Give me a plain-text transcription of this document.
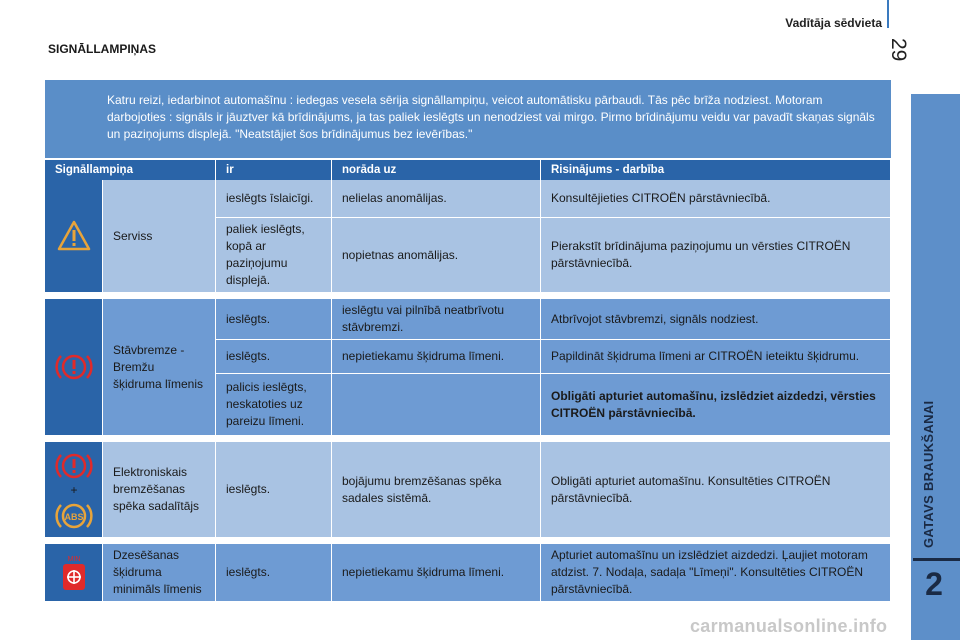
Vadītāja sēdvieta
29
GATAVS BRAUKŠANAI
2
SIGNĀLLAMPIŅAS

Katru reizi, iedarbinot automašīnu : iedegas vesela sērija signāllampiņu, veicot automātisku pārbaudi. Tās pēc brīža nodziest. Motoram darbojoties : signāls ir jāuztver kā brīdinājums, ja tas paliek ieslēgts un nenodziest vai mirgo. Pirmo brīdinājumu veidu var pavadīt skaņas signāls un paziņojums displejā. "Neatstājiet šos brīdinājumus bez ievērības."

Signāllampiņa		ir	norāda uz	Risinājums - darbība
	Serviss	ieslēgts īslaicīgi.	nelielas anomālijas.	Konsultējieties CITROËN pārstāvniecībā.
		paliek ieslēgts, kopā ar paziņojumu displejā.	nopietnas anomālijas.	Pierakstīt brīdinājuma paziņojumu un vērsties CITROËN pārstāvniecībā.

	Stāvbremze - Bremžu šķidruma līmenis	ieslēgts.	ieslēgtu vai pilnībā neatbrīvotu stāvbremzi.	Atbrīvojot stāvbremzi, signāls nodziest.
		ieslēgts.	nepietiekamu šķidruma līmeni.	Papildināt šķidruma līmeni ar CITROËN ieteiktu šķidrumu.
		palicis ieslēgts, neskatoties uz pareizu līmeni.		Obligāti apturiet automašīnu, izslēdziet aizdedzi, vērsties CITROËN pārstāvniecībā.

+
ABS	Elektroniskais bremzēšanas spēka sadalītājs	ieslēgts.	bojājumu bremzēšanas spēka sadales sistēmā.	Obligāti apturiet automašīnu. Konsultēties CITROËN pārstāvniecībā.

MIN	Dzesēšanas šķidruma minimāls līmenis	ieslēgts.	nepietiekamu šķidruma līmeni.	Apturiet automašīnu un izslēdziet aizdedzi. Ļaujiet motoram atdzist. 7. Nodaļa, sadaļa "Līmeņi". Konsultēties CITROËN pārstāvniecībā.
carmanualsonline.info
